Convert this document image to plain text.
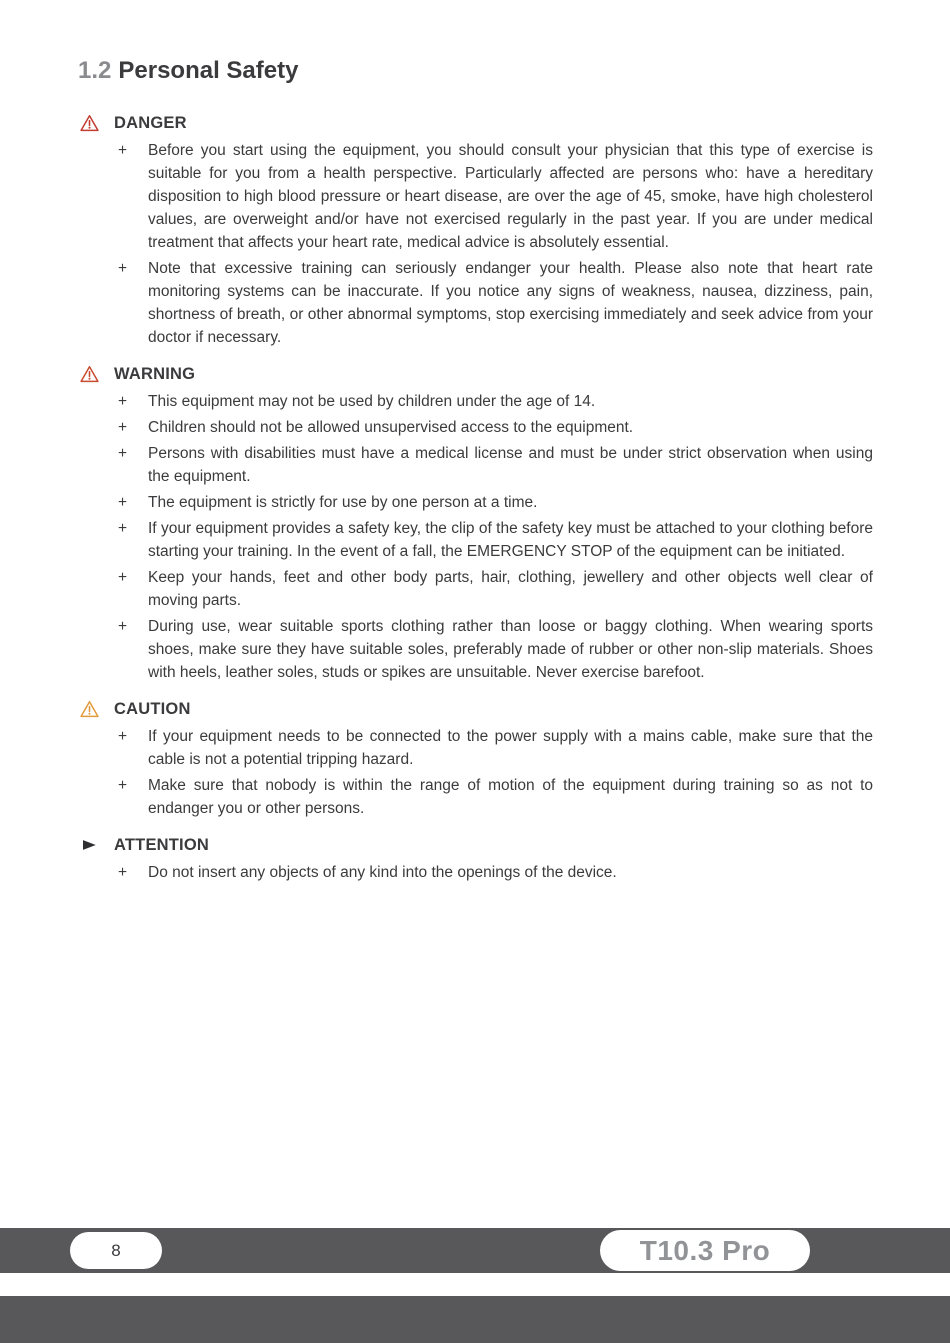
1.2 Personal Safety
DANGER
+	Before you start using the equipment, you should consult your physician that this type of exercise is suitable for you from a health perspective. Particularly affected are persons who: have a hereditary disposition to high blood pressure or heart disease, are over the age of 45, smoke, have high cholesterol values, are overweight and/or have not exercised regularly in the past year. If you are under medical treatment that affects your heart rate, medical advice is absolutely essential.

+	Note that excessive training can seriously endanger your health. Please also note that heart rate monitoring systems can be inaccurate. If you notice any signs of weakness, nausea, dizziness, pain, shortness of breath, or other abnormal symptoms, stop exercising immediately and seek advice from your doctor if necessary.

WARNING
+	This equipment may not be used by children under the age of 14.

+	Children should not be allowed unsupervised access to the equipment.

+	Persons with disabilities must have a medical license and must be under strict observation when using the equipment.

+	The equipment is strictly for use by one person at a time.

+	If your equipment provides a safety key, the clip of the safety key must be attached to your clothing before starting your training. In the event of a fall, the EMERGENCY STOP of the equipment can be initiated.

+	Keep your hands, feet and other body parts, hair, clothing, jewellery and other objects well clear of moving parts.

+	During use, wear suitable sports clothing rather than loose or baggy clothing. When wearing sports shoes, make sure they have suitable soles, preferably made of rubber or other non-slip materials. Shoes with heels, leather soles, studs or spikes are unsuitable. Never exercise barefoot.

CAUTION
+	If your equipment needs to be connected to the power supply with a mains cable, make sure that the cable is not a potential tripping hazard.

+	Make sure that nobody is within the range of motion of the equipment during training so as not to endanger you or other persons.

ATTENTION
+	Do not insert any objects of any kind into the openings of the device.

8	T10.3 Pro
